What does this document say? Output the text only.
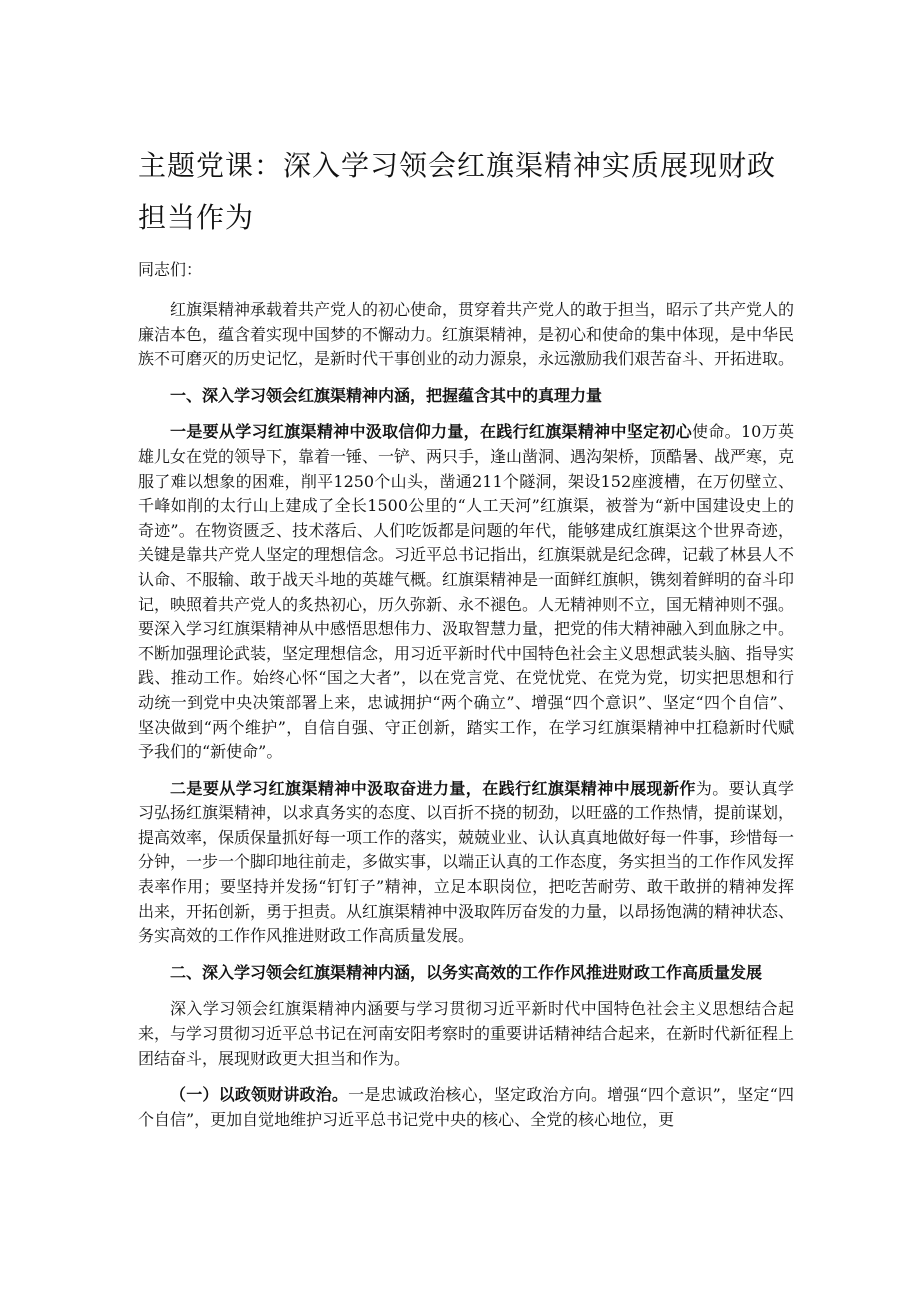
主题党课：深入学习领会红旗渠精神实质展现财政担当作为
同志们：

红旗渠精神承载着共产党人的初心使命，贯穿着共产党人的敢于担当，昭示了共产党人的廉洁本色，蕴含着实现中国梦的不懈动力。红旗渠精神，是初心和使命的集中体现，是中华民族不可磨灭的历史记忆，是新时代干事创业的动力源泉，永远激励我们艰苦奋斗、开拓进取。

一、深入学习领会红旗渠精神内涵，把握蕴含其中的真理力量

一是要从学习红旗渠精神中汲取信仰力量，在践行红旗渠精神中坚定初心使命。10万英雄儿女在党的领导下，靠着一锤、一铲、两只手，逢山凿洞、遇沟架桥，顶酷暑、战严寒，克服了难以想象的困难，削平1250个山头，凿通211个隧洞，架设152座渡槽，在万仞壁立、千峰如削的太行山上建成了全长1500公里的“人工天河”红旗渠，被誉为“新中国建设史上的奇迹”。在物资匮乏、技术落后、人们吃饭都是问题的年代，能够建成红旗渠这个世界奇迹，关键是靠共产党人坚定的理想信念。习近平总书记指出，红旗渠就是纪念碑，记载了林县人不认命、不服输、敢于战天斗地的英雄气概。红旗渠精神是一面鲜红旗帜，镌刻着鲜明的奋斗印记，映照着共产党人的炙热初心，历久弥新、永不褪色。人无精神则不立，国无精神则不强。要深入学习红旗渠精神从中感悟思想伟力、汲取智慧力量，把党的伟大精神融入到血脉之中。不断加强理论武装，坚定理想信念，用习近平新时代中国特色社会主义思想武装头脑、指导实践、推动工作。始终心怀“国之大者”，以在党言党、在党忧党、在党为党，切实把思想和行动统一到党中央决策部署上来，忠诚拥护“两个确立”、增强“四个意识”、坚定“四个自信”、坚决做到“两个维护”，自信自强、守正创新，踏实工作，在学习红旗渠精神中扛稳新时代赋予我们的“新使命”。

二是要从学习红旗渠精神中汲取奋进力量，在践行红旗渠精神中展现新作为。要认真学习弘扬红旗渠精神，以求真务实的态度、以百折不挠的韧劲，以旺盛的工作热情，提前谋划，提高效率，保质保量抓好每一项工作的落实，兢兢业业、认认真真地做好每一件事，珍惜每一分钟，一步一个脚印地往前走，多做实事，以端正认真的工作态度，务实担当的工作作风发挥表率作用；要坚持并发扬“钉钉子”精神，立足本职岗位，把吃苦耐劳、敢干敢拼的精神发挥出来，开拓创新，勇于担责。从红旗渠精神中汲取阵厉奋发的力量，以昂扬饱满的精神状态、务实高效的工作作风推进财政工作高质量发展。

二、深入学习领会红旗渠精神内涵，以务实高效的工作作风推进财政工作高质量发展

深入学习领会红旗渠精神内涵要与学习贯彻习近平新时代中国特色社会主义思想结合起来，与学习贯彻习近平总书记在河南安阳考察时的重要讲话精神结合起来，在新时代新征程上团结奋斗，展现财政更大担当和作为。

（一）以政领财讲政治。一是忠诚政治核心，坚定政治方向。增强“四个意识”，坚定“四个自信”，更加自觉地维护习近平总书记党中央的核心、全党的核心地位，更
